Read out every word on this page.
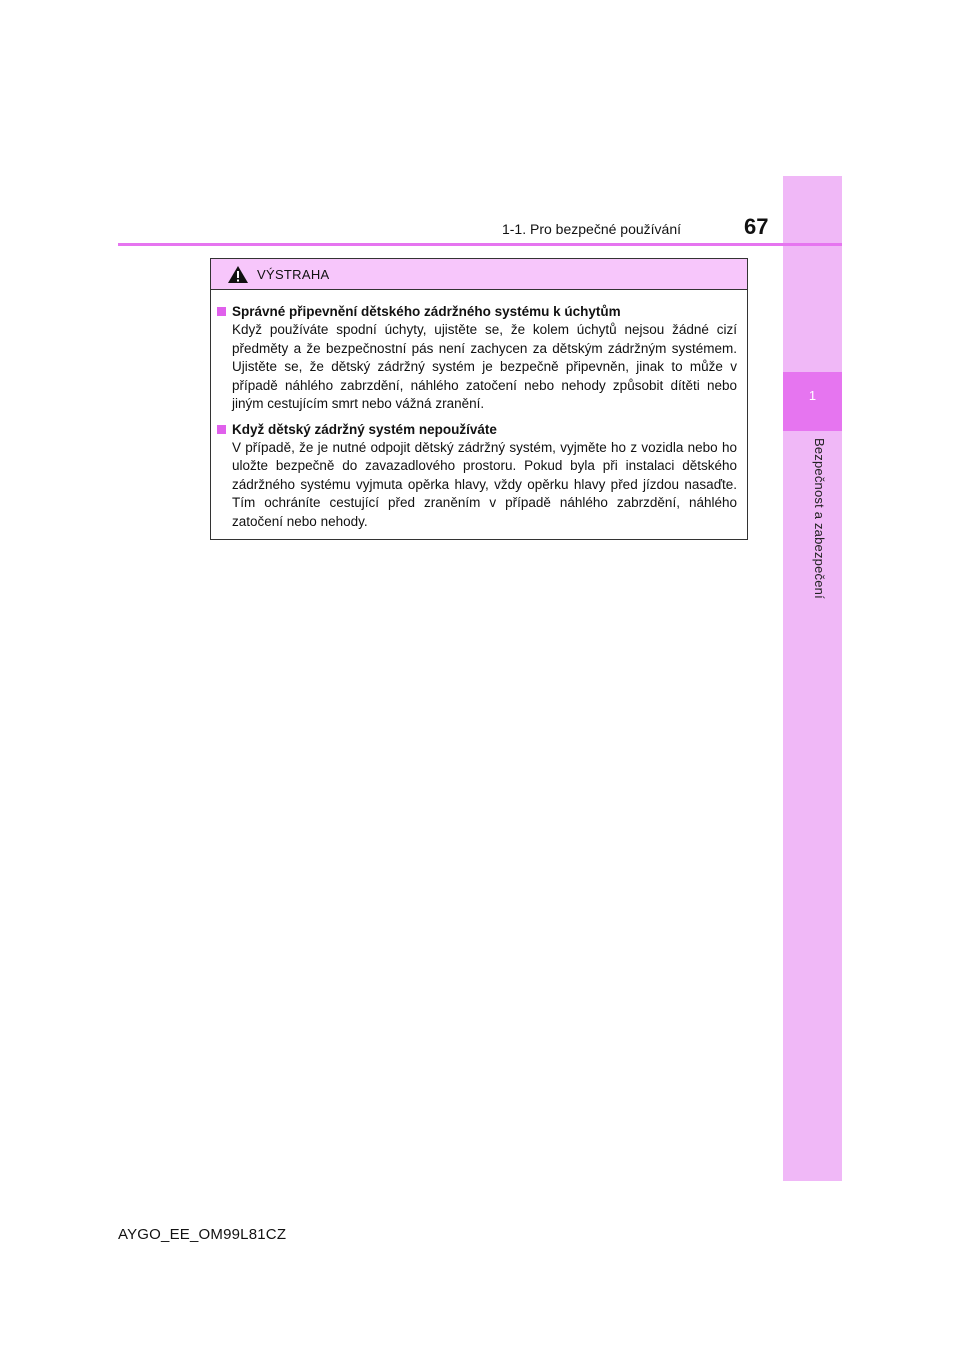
1
Bezpečnost a zabezpečení
1-1. Pro bezpečné používání	67
VÝSTRAHA
Správné připevnění dětského zádržného systému k úchytům
Když používáte spodní úchyty, ujistěte se, že kolem úchytů nejsou žádné cizí předměty a že bezpečnostní pás není zachycen za dětským zádržným systémem. Ujistěte se, že dětský zádržný systém je bezpečně připevněn, jinak to může v případě náhlého zabrzdění, náhlého zatočení nebo nehody způsobit dítěti nebo jiným cestujícím smrt nebo vážná zranění.
Když dětský zádržný systém nepoužíváte
V případě, že je nutné odpojit dětský zádržný systém, vyjměte ho z vozidla nebo ho uložte bezpečně do zavazadlového prostoru. Pokud byla při instalaci dětského zádržného systému vyjmuta opěrka hlavy, vždy opěrku hlavy před jízdou nasaďte. Tím ochráníte cestující před zraněním v případě náhlého zabrzdění, náhlého zatočení nebo nehody.
AYGO_EE_OM99L81CZ
